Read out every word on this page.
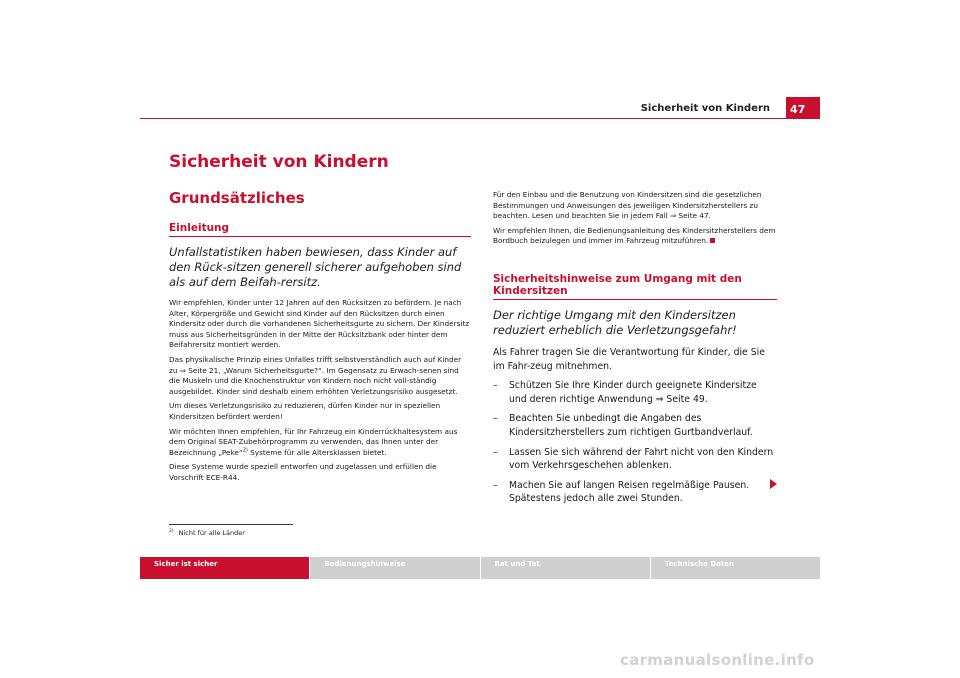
Sicherheit von Kindern	47
Sicherheit von Kindern
Grundsätzliches
Einleitung

Unfallstatistiken haben bewiesen, dass Kinder auf den Rück-sitzen generell sicherer aufgehoben sind als auf dem Beifah-rersitz.

Wir empfehlen, Kinder unter 12 Jahren auf den Rücksitzen zu befördern. Je nach Alter, Körpergröße und Gewicht sind Kinder auf den Rücksitzen durch einen Kindersitz oder durch die vorhandenen Sicherheitsgurte zu sichern. Der Kindersitz muss aus Sicherheitsgründen in der Mitte der Rücksitzbank oder hinter dem Beifahrersitz montiert werden.

Das physikalische Prinzip eines Unfalles trifft selbstverständlich auch auf Kinder zu ⇒ Seite 21, „Warum Sicherheitsgurte?“. Im Gegensatz zu Erwach-senen sind die Muskeln und die Knochenstruktur von Kindern noch nicht voll-ständig ausgebildet. Kinder sind deshalb einem erhöhten Verletzungsrisiko ausgesetzt.

Um dieses Verletzungsrisiko zu reduzieren, dürfen Kinder nur in speziellen Kindersitzen befördert werden!

Wir möchten Ihnen empfehlen, für Ihr Fahrzeug ein Kinderrückhaltesystem aus dem Original SEAT-Zubehörprogramm zu verwenden, das Ihnen unter der Bezeichnung „Peke“$^{2)}$ Systeme für alle Altersklassen bietet.

Diese Systeme wurde speziell entworfen und zugelassen und erfüllen die Vorschrift ECE-R44.

Für den Einbau und die Benutzung von Kindersitzen sind die gesetzlichen Bestimmungen und Anweisungen des jeweiligen Kindersitzherstellers zu beachten. Lesen und beachten Sie in jedem Fall ⇒ Seite 47.

Wir empfehlen Ihnen, die Bedienungsanleitung des Kindersitzherstellers dem Bordbuch beizulegen und immer im Fahrzeug mitzuführen.

Sicherheitshinweise zum Umgang mit den Kindersitzen

Der richtige Umgang mit den Kindersitzen reduziert erheblich die Verletzungsgefahr!

Als Fahrer tragen Sie die Verantwortung für Kinder, die Sie im Fahr-zeug mitnehmen.

– Schützen Sie Ihre Kinder durch geeignete Kindersitze und deren richtige Anwendung ⇒ Seite 49.
– Beachten Sie unbedingt die Angaben des Kindersitzherstellers zum richtigen Gurtbandverlauf.
– Lassen Sie sich während der Fahrt nicht von den Kindern vom Verkehrsgeschehen ablenken.
– Machen Sie auf langen Reisen regelmäßige Pausen. Spätestens jedoch alle zwei Stunden.
$^{2)}$ Nicht für alle Länder
Sicher ist sicher	Bedienungshinweise	Rat und Tat	Technische Daten
carmanualsonline.info
